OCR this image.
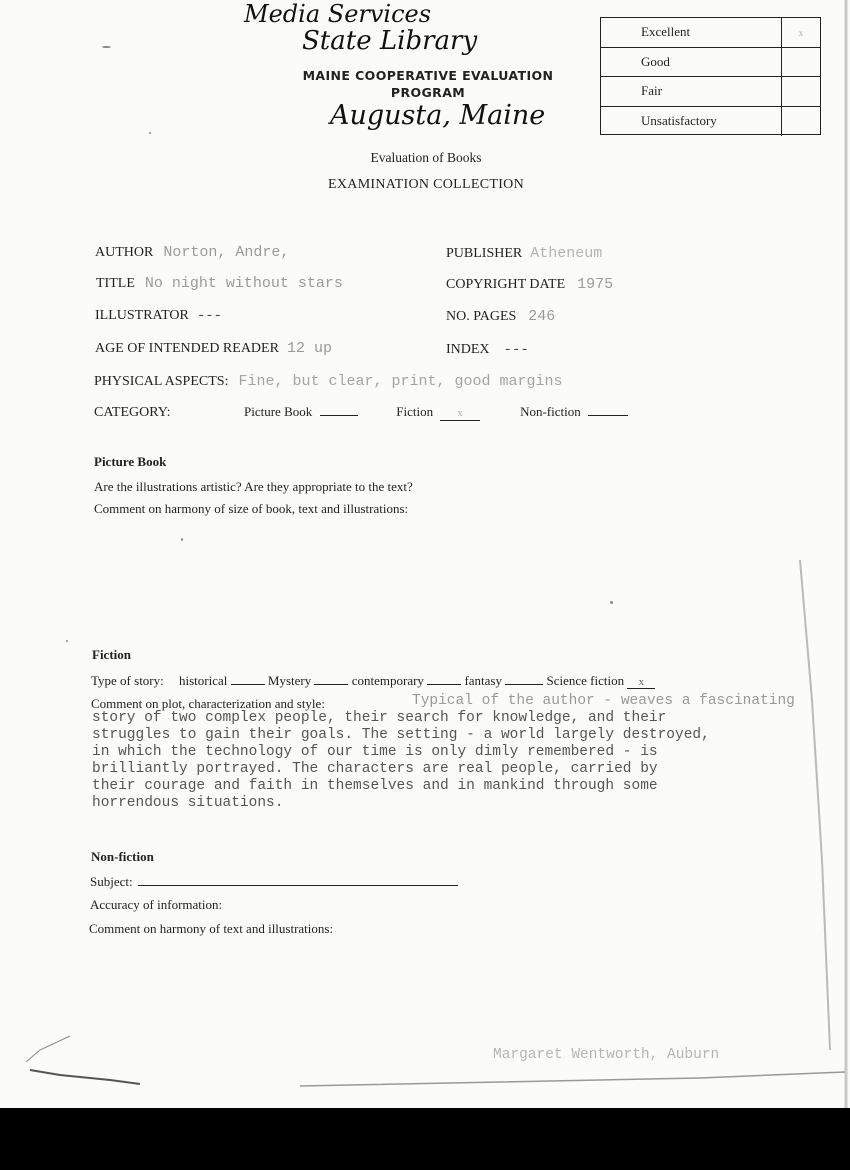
Media Services
State Library
Augusta, Maine
MAINE COOPERATIVE EVALUATION
PROGRAM
Evaluation of Books
EXAMINATION COLLECTION
Excellent	x
Good
Fair
Unsatisfactory
AUTHOR Norton, Andre,	PUBLISHER Atheneum
TITLE No night without stars	COPYRIGHT DATE 1975
ILLUSTRATOR ---	NO. PAGES 246
AGE OF INTENDED READER 12 up	INDEX ---
PHYSICAL ASPECTS: Fine, but clear, print, good margins
CATEGORY:	Picture Book	Fiction x	Non-fiction
Picture Book
Are the illustrations artistic? Are they appropriate to the text?
Comment on harmony of size of book, text and illustrations:
Fiction
Type of story: historical	Mystery	contemporary	fantasy	Science fiction x
Comment on plot, characterization and style:	Typical of the author - weaves a fascinating
story of two complex people, their search for knowledge, and their
struggles to gain their goals. The setting - a world largely destroyed,
in which the technology of our time is only dimly remembered - is
brilliantly portrayed. The characters are real people, carried by
their courage and faith in themselves and in mankind through some
horrendous situations.
Non-fiction
Subject:
Accuracy of information:
Comment on harmony of text and illustrations:
Margaret Wentworth, Auburn
